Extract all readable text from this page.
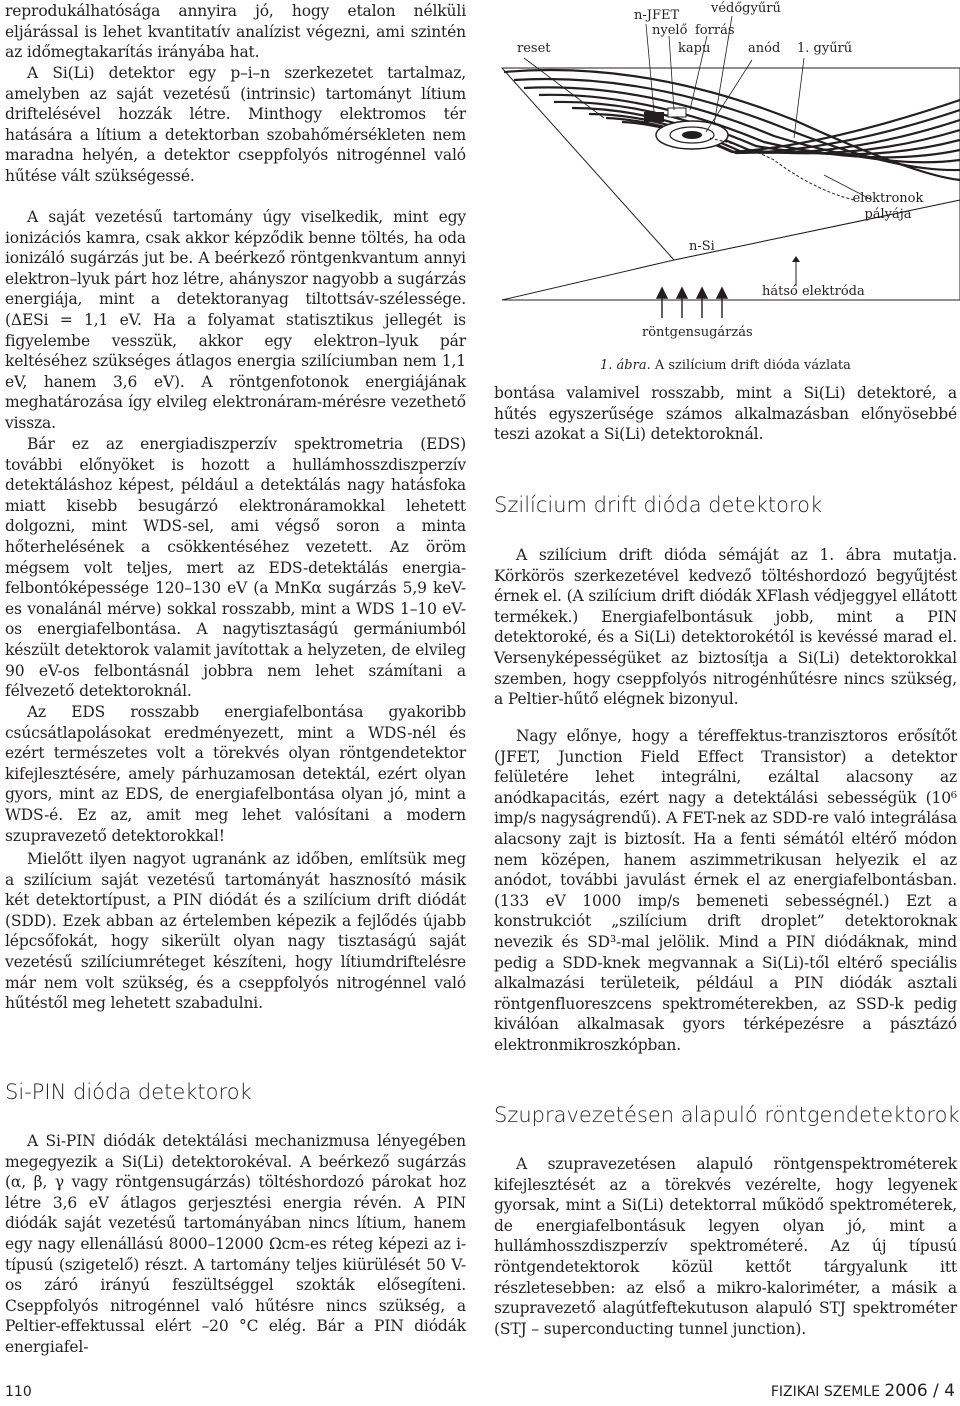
reprodukálhatósága annyira jó, hogy etalon nélküli eljárással is lehet kvantitatív analízist végezni, ami szintén az időmegtakarítás irányába hat.

A Si(Li) detektor egy p–i–n szerkezetet tartalmaz, amelyben az saját vezetésű (intrinsic) tartományt lítium driftelésével hozzák létre. Minthogy elektromos tér hatására a lítium a detektorban szobahőmérsékleten nem maradna helyén, a detektor cseppfolyós nitrogénnel való hűtése vált szükségessé.

A saját vezetésű tartomány úgy viselkedik, mint egy ionizációs kamra, csak akkor képződik benne töltés, ha oda ionizáló sugárzás jut be. A beérkező röntgenkvantum annyi elektron–lyuk párt hoz létre, ahányszor nagyobb a sugárzás energiája, mint a detektoranyag tiltottsáv-szélessége. (ΔESi = 1,1 eV. Ha a folyamat statisztikus jellegét is figyelembe vesszük, akkor egy elektron–lyuk pár keltéséhez szükséges átlagos energia szilíciumban nem 1,1 eV, hanem 3,6 eV). A röntgenfotonok energiájának meghatározása így elvileg elektronáram-mérésre vezethető vissza.

Bár ez az energiadiszperzív spektrometria (EDS) további előnyöket is hozott a hullámhosszdiszperzív detektáláshoz képest, például a detektálás nagy hatásfoka miatt kisebb besugárzó elektronáramokkal lehetett dolgozni, mint WDS-sel, ami végső soron a minta hőterhelésének a csökkentéséhez vezetett. Az öröm mégsem volt teljes, mert az EDS-detektálás energia-felbontóképessége 120–130 eV (a MnKα sugárzás 5,9 keV-es vonalánál mérve) sokkal rosszabb, mint a WDS 1–10 eV-os energiafelbontása. A nagytisztaságú germániumból készült detektorok valamit javítottak a helyzeten, de elvileg 90 eV-os felbontásnál jobbra nem lehet számítani a félvezető detektoroknál.

Az EDS rosszabb energiafelbontása gyakoribb csúcsátlapolásokat eredményezett, mint a WDS-nél és ezért természetes volt a törekvés olyan röntgendetektor kifejlesztésére, amely párhuzamosan detektál, ezért olyan gyors, mint az EDS, de energiafelbontása olyan jó, mint a WDS-é. Ez az, amit meg lehet valósítani a modern szupravezető detektorokkal!

Mielőtt ilyen nagyot ugranánk az időben, említsük meg a szilícium saját vezetésű tartományát hasznosító másik két detektortípust, a PIN diódát és a szilícium drift diódát (SDD). Ezek abban az értelemben képezik a fejlődés újabb lépcsőfokát, hogy sikerült olyan nagy tisztaságú saját vezetésű szilíciumréteget készíteni, hogy lítiumdriftelésre már nem volt szükség, és a cseppfolyós nitrogénnel való hűtéstől meg lehetett szabadulni.

Si-PIN dióda detektorok

A Si-PIN diódák detektálási mechanizmusa lényegében megegyezik a Si(Li) detektorokéval. A beérkező sugárzás (α, β, γ vagy röntgensugárzás) töltéshordozó párokat hoz létre 3,6 eV átlagos gerjesztési energia révén. A PIN diódák saját vezetésű tartományában nincs lítium, hanem egy nagy ellenállású 8000–12000 Ωcm-es réteg képezi az i-típusú (szigetelő) részt. A tartomány teljes kiürülését 50 V-os záró irányú feszültséggel szokták elősegíteni. Cseppfolyós nitrogénnel való hűtésre nincs szükség, a Peltier-effektussal elért –20 °C elég. Bár a PIN diódák energiafel-

reset
n-JFET védőgyűrű
nyelő forrás
kapu	anód 1. gyűrű
elektronok
pályája
n-Si
hátsó elektróda
röntgensugárzás
1. ábra. A szilícium drift dióda vázlata

bontása valamivel rosszabb, mint a Si(Li) detektoré, a hűtés egyszerűsége számos alkalmazásban előnyösebbé teszi azokat a Si(Li) detektoroknál.

Szilícium drift dióda detektorok

A szilícium drift dióda sémáját az 1. ábra mutatja. Körkörös szerkezetével kedvező töltéshordozó begyűjtést érnek el. (A szilícium drift diódák XFlash védjeggyel ellátott termékek.) Energiafelbontásuk jobb, mint a PIN detektoroké, és a Si(Li) detektorokétól is kevéssé marad el. Versenyképességüket az biztosítja a Si(Li) detektorokkal szemben, hogy cseppfolyós nitrogénhűtésre nincs szükség, a Peltier-hűtő elégnek bizonyul.

Nagy előnye, hogy a téreffektus-tranzisztoros erősítőt (JFET, Junction Field Effect Transistor) a detektor felületére lehet integrálni, ezáltal alacsony az anódkapacitás, ezért nagy a detektálási sebességük (10⁶ imp/s nagyságrendű). A FET-nek az SDD-re való integrálása alacsony zajt is biztosít. Ha a fenti sémától eltérő módon nem középen, hanem aszimmetrikusan helyezik el az anódot, további javulást érnek el az energiafelbontásban. (133 eV 1000 imp/s bemeneti sebességnél.) Ezt a konstrukciót „szilícium drift droplet” detektoroknak nevezik és SD³-mal jelölik. Mind a PIN diódáknak, mind pedig a SDD-knek megvannak a Si(Li)-től eltérő speciális alkalmazási területeik, például a PIN diódák asztali röntgenfluoreszcens spektrométerekben, az SSD-k pedig kiválóan alkalmasak gyors térképezésre a pásztázó elektronmikroszkópban.

Szupravezetésen alapuló röntgendetektorok

A szupravezetésen alapuló röntgenspektrométerek kifejlesztését az a törekvés vezérelte, hogy legyenek gyorsak, mint a Si(Li) detektorral működő spektrométerek, de energiafelbontásuk legyen olyan jó, mint a hullámhosszdiszperzív spektrométeré. Az új típusú röntgendetektorok közül kettőt tárgyalunk itt részletesebben: az első a mikro-kaloriméter, a másik a szupravezető alagútfeftekutuson alapuló STJ spektrométer (STJ – superconducting tunnel junction).

110	FIZIKAI SZEMLE 2006 / 4
